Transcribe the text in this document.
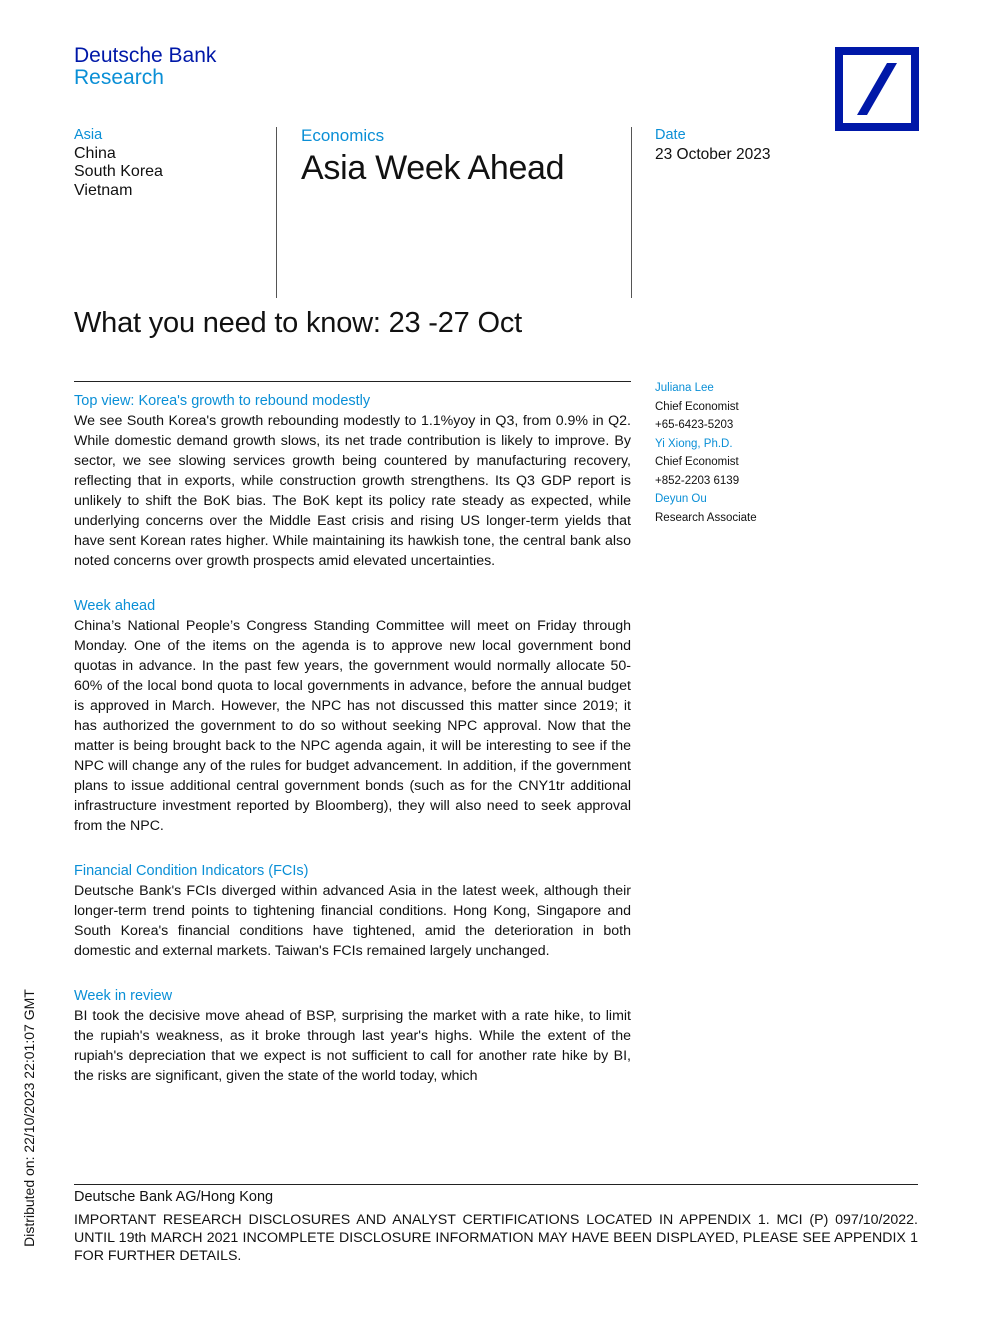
Deutsche Bank
Research
Asia
China
South Korea
Vietnam
Economics
Asia Week Ahead
Date
23 October 2023
What you need to know: 23 -27 Oct
Top view: Korea's growth to rebound modestly

We see South Korea's growth rebounding modestly to 1.1%yoy in Q3, from 0.9% in Q2. While domestic demand growth slows, its net trade contribution is likely to improve. By sector, we see slowing services growth being countered by manufacturing recovery, reflecting that in exports, while construction growth strengthens. Its Q3 GDP report is unlikely to shift the BoK bias. The BoK kept its policy rate steady as expected, while underlying concerns over the Middle East crisis and rising US longer-term yields that have sent Korean rates higher. While maintaining its hawkish tone, the central bank also noted concerns over growth prospects amid elevated uncertainties.

Week ahead

China’s National People’s Congress Standing Committee will meet on Friday through Monday. One of the items on the agenda is to approve new local government bond quotas in advance. In the past few years, the government would normally allocate 50-60% of the local bond quota to local governments in advance, before the annual budget is approved in March. However, the NPC has not discussed this matter since 2019; it has authorized the government to do so without seeking NPC approval. Now that the matter is being brought back to the NPC agenda again, it will be interesting to see if the NPC will change any of the rules for budget advancement. In addition, if the government plans to issue additional central government bonds (such as for the CNY1tr additional infrastructure investment reported by Bloomberg), they will also need to seek approval from the NPC.

Financial Condition Indicators (FCIs)

Deutsche Bank's FCIs diverged within advanced Asia in the latest week, although their longer-term trend points to tightening financial conditions. Hong Kong, Singapore and South Korea's financial conditions have tightened, amid the deterioration in both domestic and external markets. Taiwan's FCIs remained largely unchanged.

Week in review

BI took the decisive move ahead of BSP, surprising the market with a rate hike, to limit the rupiah's weakness, as it broke through last year's highs. While the extent of the rupiah's depreciation that we expect is not sufficient to call for another rate hike by BI, the risks are significant, given the state of the world today, which

Juliana Lee
Chief Economist
+65-6423-5203
Yi Xiong, Ph.D.
Chief Economist
+852-2203 6139
Deyun Ou
Research Associate
Deutsche Bank AG/Hong Kong
IMPORTANT RESEARCH DISCLOSURES AND ANALYST CERTIFICATIONS LOCATED IN APPENDIX 1. MCI (P) 097/10/2022. UNTIL 19th MARCH 2021 INCOMPLETE DISCLOSURE INFORMATION MAY HAVE BEEN DISPLAYED, PLEASE SEE APPENDIX 1 FOR FURTHER DETAILS.
Distributed on: 22/10/2023 22:01:07 GMT
